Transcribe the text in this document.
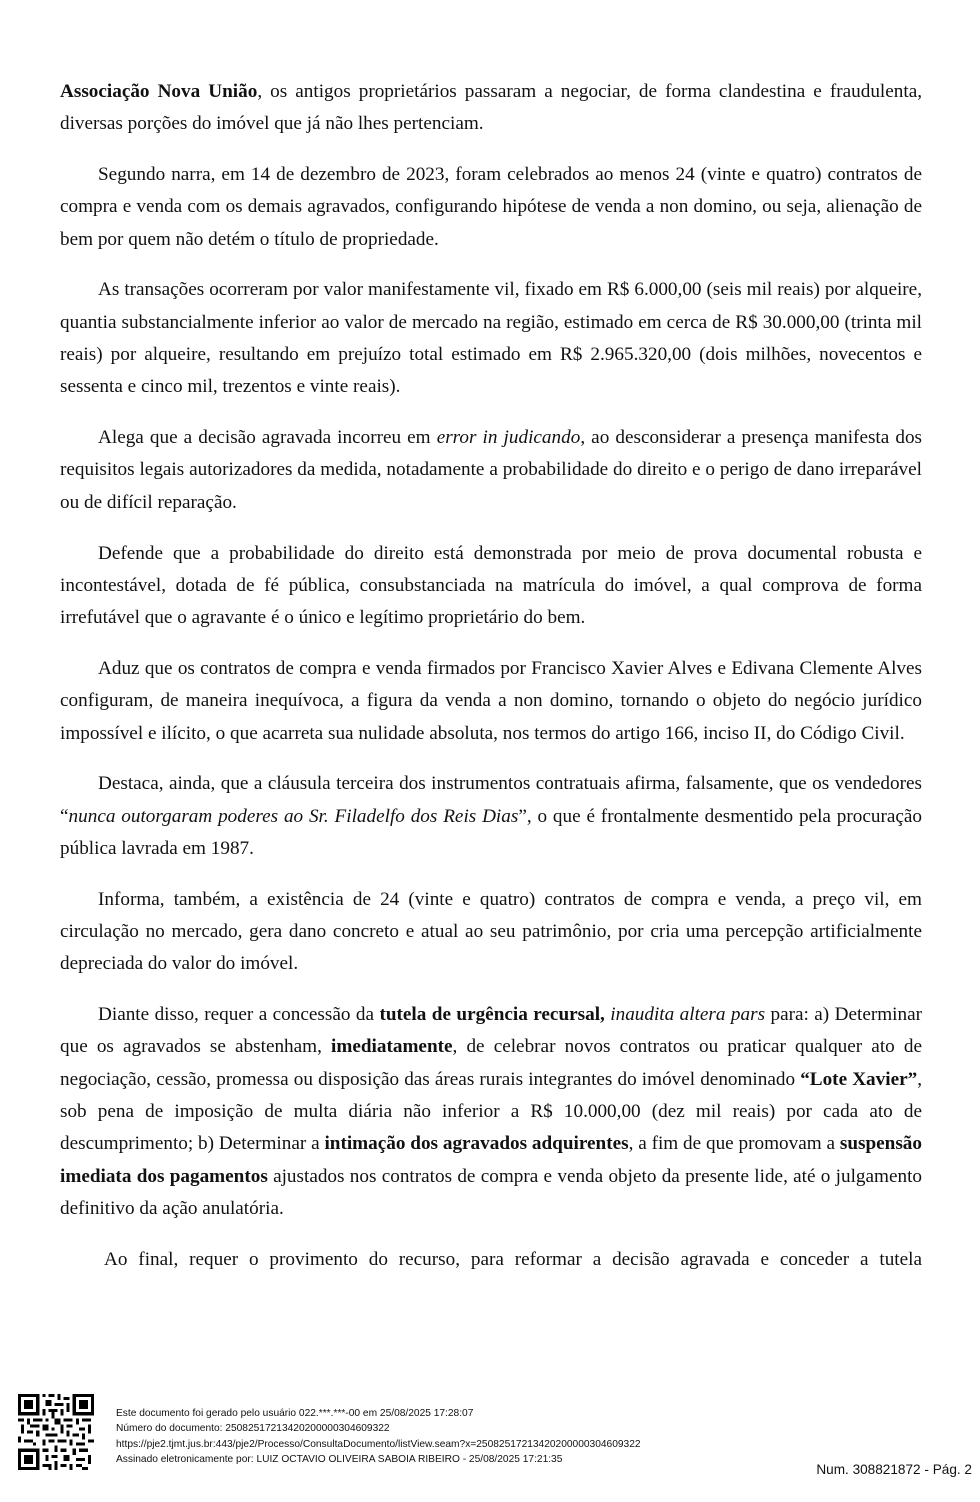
Associação Nova União, os antigos proprietários passaram a negociar, de forma clandestina e fraudulenta, diversas porções do imóvel que já não lhes pertenciam.

Segundo narra, em 14 de dezembro de 2023, foram celebrados ao menos 24 (vinte e quatro) contratos de compra e venda com os demais agravados, configurando hipótese de venda a non domino, ou seja, alienação de bem por quem não detém o título de propriedade.

As transações ocorreram por valor manifestamente vil, fixado em R$ 6.000,00 (seis mil reais) por alqueire, quantia substancialmente inferior ao valor de mercado na região, estimado em cerca de R$ 30.000,00 (trinta mil reais) por alqueire, resultando em prejuízo total estimado em R$ 2.965.320,00 (dois milhões, novecentos e sessenta e cinco mil, trezentos e vinte reais).

Alega que a decisão agravada incorreu em error in judicando, ao desconsiderar a presença manifesta dos requisitos legais autorizadores da medida, notadamente a probabilidade do direito e o perigo de dano irreparável ou de difícil reparação.

Defende que a probabilidade do direito está demonstrada por meio de prova documental robusta e incontestável, dotada de fé pública, consubstanciada na matrícula do imóvel, a qual comprova de forma irrefutável que o agravante é o único e legítimo proprietário do bem.

Aduz que os contratos de compra e venda firmados por Francisco Xavier Alves e Edivana Clemente Alves configuram, de maneira inequívoca, a figura da venda a non domino, tornando o objeto do negócio jurídico impossível e ilícito, o que acarreta sua nulidade absoluta, nos termos do artigo 166, inciso II, do Código Civil.

Destaca, ainda, que a cláusula terceira dos instrumentos contratuais afirma, falsamente, que os vendedores “nunca outorgaram poderes ao Sr. Filadelfo dos Reis Dias”, o que é frontalmente desmentido pela procuração pública lavrada em 1987.

Informa, também, a existência de 24 (vinte e quatro) contratos de compra e venda, a preço vil, em circulação no mercado, gera dano concreto e atual ao seu patrimônio, por cria uma percepção artificialmente depreciada do valor do imóvel.

Diante disso, requer a concessão da tutela de urgência recursal, inaudita altera pars para: a) Determinar que os agravados se abstenham, imediatamente, de celebrar novos contratos ou praticar qualquer ato de negociação, cessão, promessa ou disposição das áreas rurais integrantes do imóvel denominado “Lote Xavier”, sob pena de imposição de multa diária não inferior a R$ 10.000,00 (dez mil reais) por cada ato de descumprimento; b) Determinar a intimação dos agravados adquirentes, a fim de que promovam a suspensão imediata dos pagamentos ajustados nos contratos de compra e venda objeto da presente lide, até o julgamento definitivo da ação anulatória.

Ao final, requer o provimento do recurso, para reformar a decisão agravada e conceder a tutela

Este documento foi gerado pelo usuário 022.***.***-00 em 25/08/2025 17:28:07
Número do documento: 25082517213420200000304609322
https://pje2.tjmt.jus.br:443/pje2/Processo/ConsultaDocumento/listView.seam?x=25082517213420200000304609322
Assinado eletronicamente por: LUIZ OCTAVIO OLIVEIRA SABOIA RIBEIRO - 25/08/2025 17:21:35
Num. 308821872 - Pág. 2
